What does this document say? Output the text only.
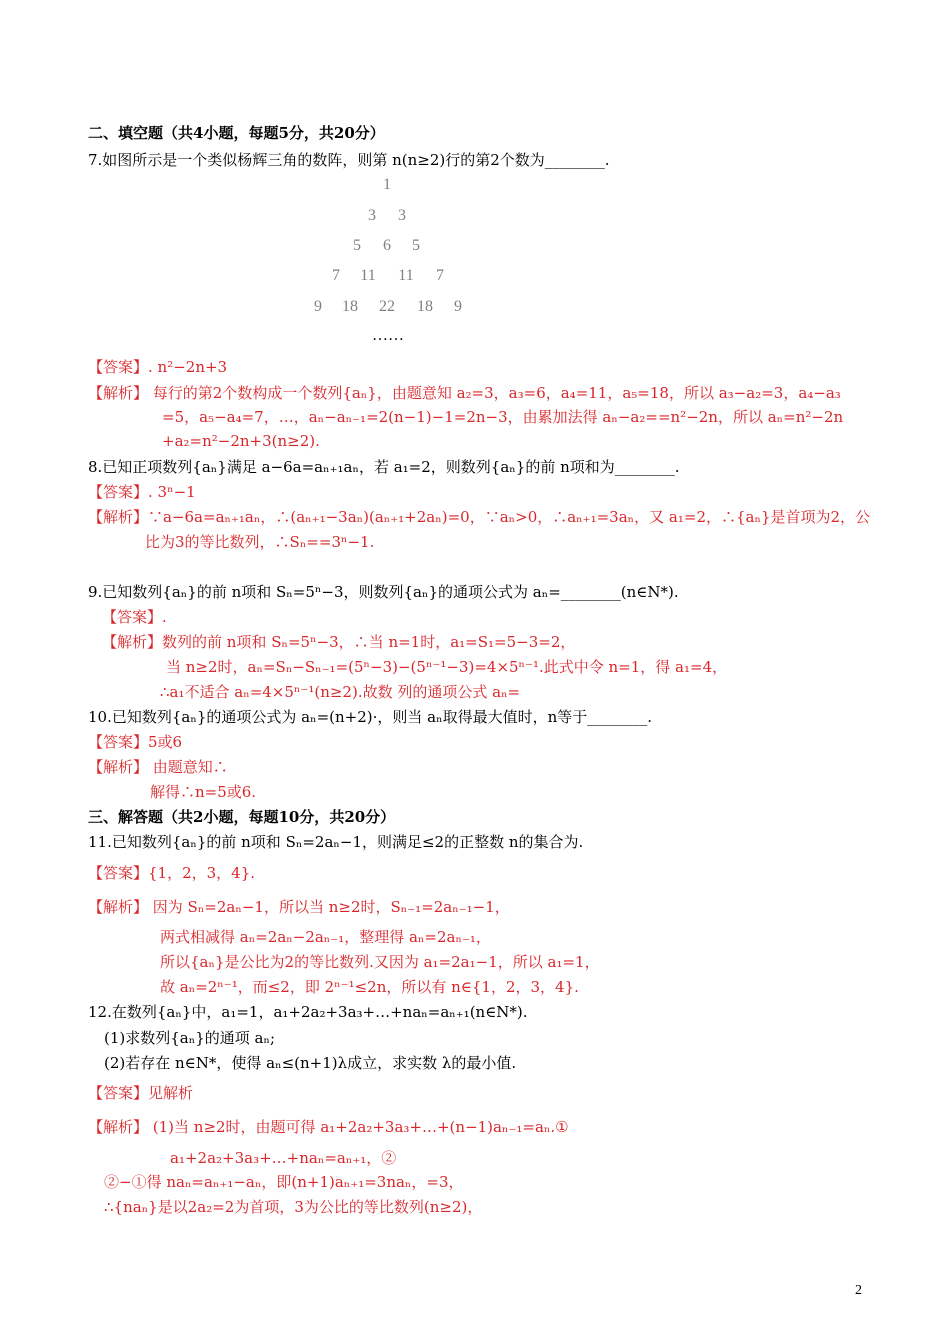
二、填空题（共4小题，每题5分，共20分）
7.如图所示是一个类似杨辉三角的数阵，则第 n(n≥2)行的第2个数为________.
1
3 3
5 6 5
7 11 11 7
9 18 22 18 9
……
【答案】. n²−2n+3
【解析】 每行的第2个数构成一个数列{aₙ}，由题意知 a₂=3，a₃=6，a₄=11，a₅=18，所以 a₃−a₂=3，a₄−a₃
=5，a₅−a₄=7，…，aₙ−aₙ₋₁=2(n−1)−1=2n−3，由累加法得 aₙ−a₂==n²−2n，所以 aₙ=n²−2n
+a₂=n²−2n+3(n≥2).
8.已知正项数列{aₙ}满足 a−6a=aₙ₊₁aₙ，若 a₁=2，则数列{aₙ}的前 n项和为________.
【答案】. 3ⁿ−1
【解析】∵a−6a=aₙ₊₁aₙ，∴(aₙ₊₁−3aₙ)(aₙ₊₁+2aₙ)=0，∵aₙ>0，∴aₙ₊₁=3aₙ，又 a₁=2，∴{aₙ}是首项为2，公
比为3的等比数列，∴Sₙ==3ⁿ−1.
9.已知数列{aₙ}的前 n项和 Sₙ=5ⁿ−3，则数列{aₙ}的通项公式为 aₙ=________(n∈N*).
【答案】.
【解析】数列的前 n项和 Sₙ=5ⁿ−3，∴当 n=1时，a₁=S₁=5−3=2，
当 n≥2时，aₙ=Sₙ−Sₙ₋₁=(5ⁿ−3)−(5ⁿ⁻¹−3)=4×5ⁿ⁻¹.此式中令 n=1，得 a₁=4，
∴a₁不适合 aₙ=4×5ⁿ⁻¹(n≥2).故数 列的通项公式 aₙ=
10.已知数列{aₙ}的通项公式为 aₙ=(n+2)·，则当 aₙ取得最大值时，n等于________.
【答案】5或6
【解析】 由题意知∴
解得∴n=5或6.
三、解答题（共2小题，每题10分，共20分）
11.已知数列{aₙ}的前 n项和 Sₙ=2aₙ−1，则满足≤2的正整数 n的集合为.
【答案】{1，2，3，4}.
【解析】 因为 Sₙ=2aₙ−1，所以当 n≥2时，Sₙ₋₁=2aₙ₋₁−1，
两式相减得 aₙ=2aₙ−2aₙ₋₁，整理得 aₙ=2aₙ₋₁，
所以{aₙ}是公比为2的等比数列.又因为 a₁=2a₁−1，所以 a₁=1，
故 aₙ=2ⁿ⁻¹，而≤2，即 2ⁿ⁻¹≤2n，所以有 n∈{1，2，3，4}.
12.在数列{aₙ}中，a₁=1，a₁+2a₂+3a₃+…+naₙ=aₙ₊₁(n∈N*).
(1)求数列{aₙ}的通项 aₙ;
(2)若存在 n∈N*，使得 aₙ≤(n+1)λ成立，求实数 λ的最小值.
【答案】见解析
【解析】 (1)当 n≥2时，由题可得 a₁+2a₂+3a₃+…+(n−1)aₙ₋₁=aₙ.①
a₁+2a₂+3a₃+…+naₙ=aₙ₊₁，②
②−①得 naₙ=aₙ₊₁−aₙ，即(n+1)aₙ₊₁=3naₙ，=3，
∴{naₙ}是以2a₂=2为首项，3为公比的等比数列(n≥2)，
2
